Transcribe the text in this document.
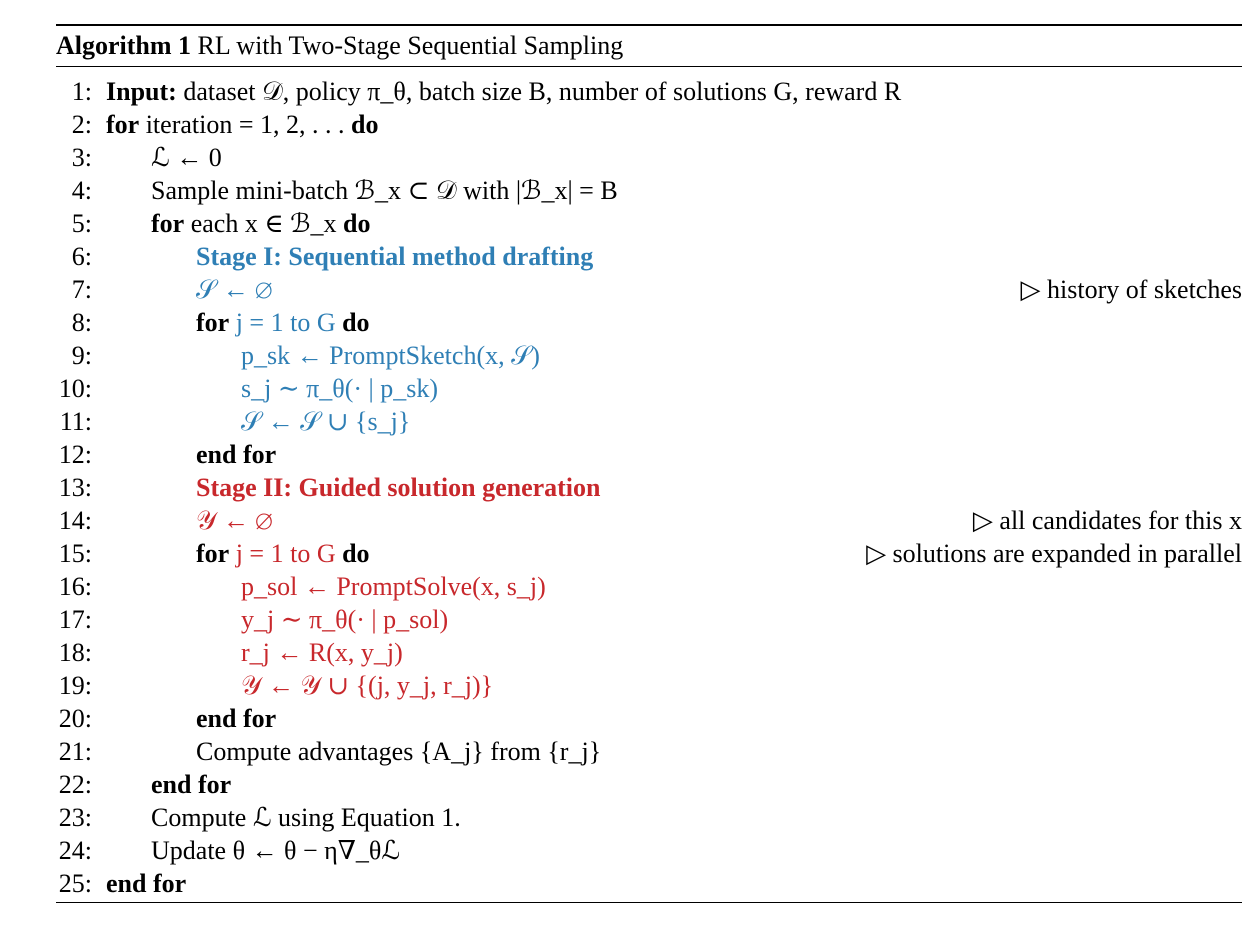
Algorithm 1 RL with Two-Stage Sequential Sampling
1: Input: dataset 𝒟, policy π_θ, batch size B, number of solutions G, reward R
2: for iteration = 1, 2, . . . do
3: ℒ ← 0
4: Sample mini-batch ℬ_x ⊂ 𝒟 with |ℬ_x| = B
5: for each x ∈ ℬ_x do
6:	Stage I: Sequential method drafting
7:	𝒮 ← ∅	▷ history of sketches
8:	for j = 1 to G do
9:	p_sk ← PromptSketch(x, 𝒮)
10:	s_j ∼ π_θ(· | p_sk)
11:	𝒮 ← 𝒮 ∪ {s_j}
12:	end for
13:	Stage II: Guided solution generation
14:	𝒴 ← ∅	▷ all candidates for this x
15:	for j = 1 to G do	▷ solutions are expanded in parallel
16:	p_sol ← PromptSolve(x, s_j)
17:	y_j ∼ π_θ(· | p_sol)
18:	r_j ← R(x, y_j)
19:	𝒴 ← 𝒴 ∪ {(j, y_j, r_j)}
20:	end for
21:	Compute advantages {A_j} from {r_j}
22: end for
23: Compute ℒ using Equation 1.
24: Update θ ← θ − η∇_θℒ
25: end for
